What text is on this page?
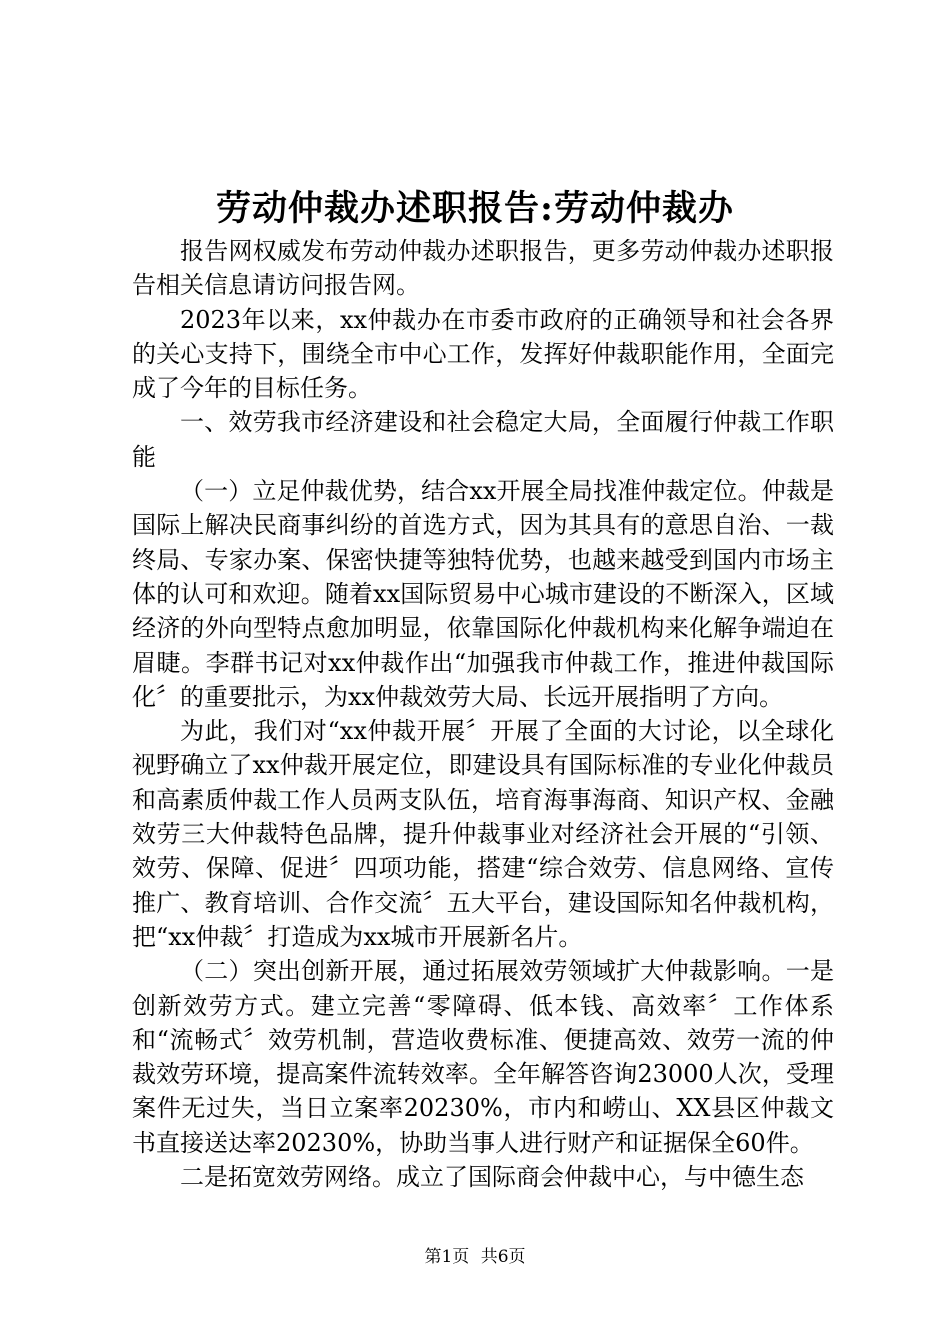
劳动仲裁办述职报告:劳动仲裁办

报告网权威发布劳动仲裁办述职报告，更多劳动仲裁办述职报告相关信息请访问报告网。

2023年以来，xx仲裁办在市委市政府的正确领导和社会各界的关心支持下，围绕全市中心工作，发挥好仲裁职能作用，全面完成了今年的目标任务。

一、效劳我市经济建设和社会稳定大局，全面履行仲裁工作职能

（一）立足仲裁优势，结合xx开展全局找准仲裁定位。仲裁是国际上解决民商事纠纷的首选方式，因为其具有的意思自治、一裁终局、专家办案、保密快捷等独特优势，也越来越受到国内市场主体的认可和欢迎。随着xx国际贸易中心城市建设的不断深入，区域经济的外向型特点愈加明显，依靠国际化仲裁机构来化解争端迫在眉睫。李群书记对xx仲裁作出“加强我市仲裁工作，推进仲裁国际化〞的重要批示，为xx仲裁效劳大局、长远开展指明了方向。

为此，我们对“xx仲裁开展〞开展了全面的大讨论，以全球化视野确立了xx仲裁开展定位，即建设具有国际标准的专业化仲裁员和高素质仲裁工作人员两支队伍，培育海事海商、知识产权、金融效劳三大仲裁特色品牌，提升仲裁事业对经济社会开展的“引领、效劳、保障、促进〞四项功能，搭建“综合效劳、信息网络、宣传推广、教育培训、合作交流〞五大平台，建设国际知名仲裁机构，把“xx仲裁〞打造成为xx城市开展新名片。

（二）突出创新开展，通过拓展效劳领域扩大仲裁影响。一是创新效劳方式。建立完善“零障碍、低本钱、高效率〞工作体系和“流畅式〞效劳机制，营造收费标准、便捷高效、效劳一流的仲裁效劳环境，提高案件流转效率。全年解答咨询23000人次，受理案件无过失，当日立案率20230%，市内和崂山、XX县区仲裁文书直接送达率20230%，协助当事人进行财产和证据保全60件。

二是拓宽效劳网络。成立了国际商会仲裁中心，与中德生态

第1页 共6页
